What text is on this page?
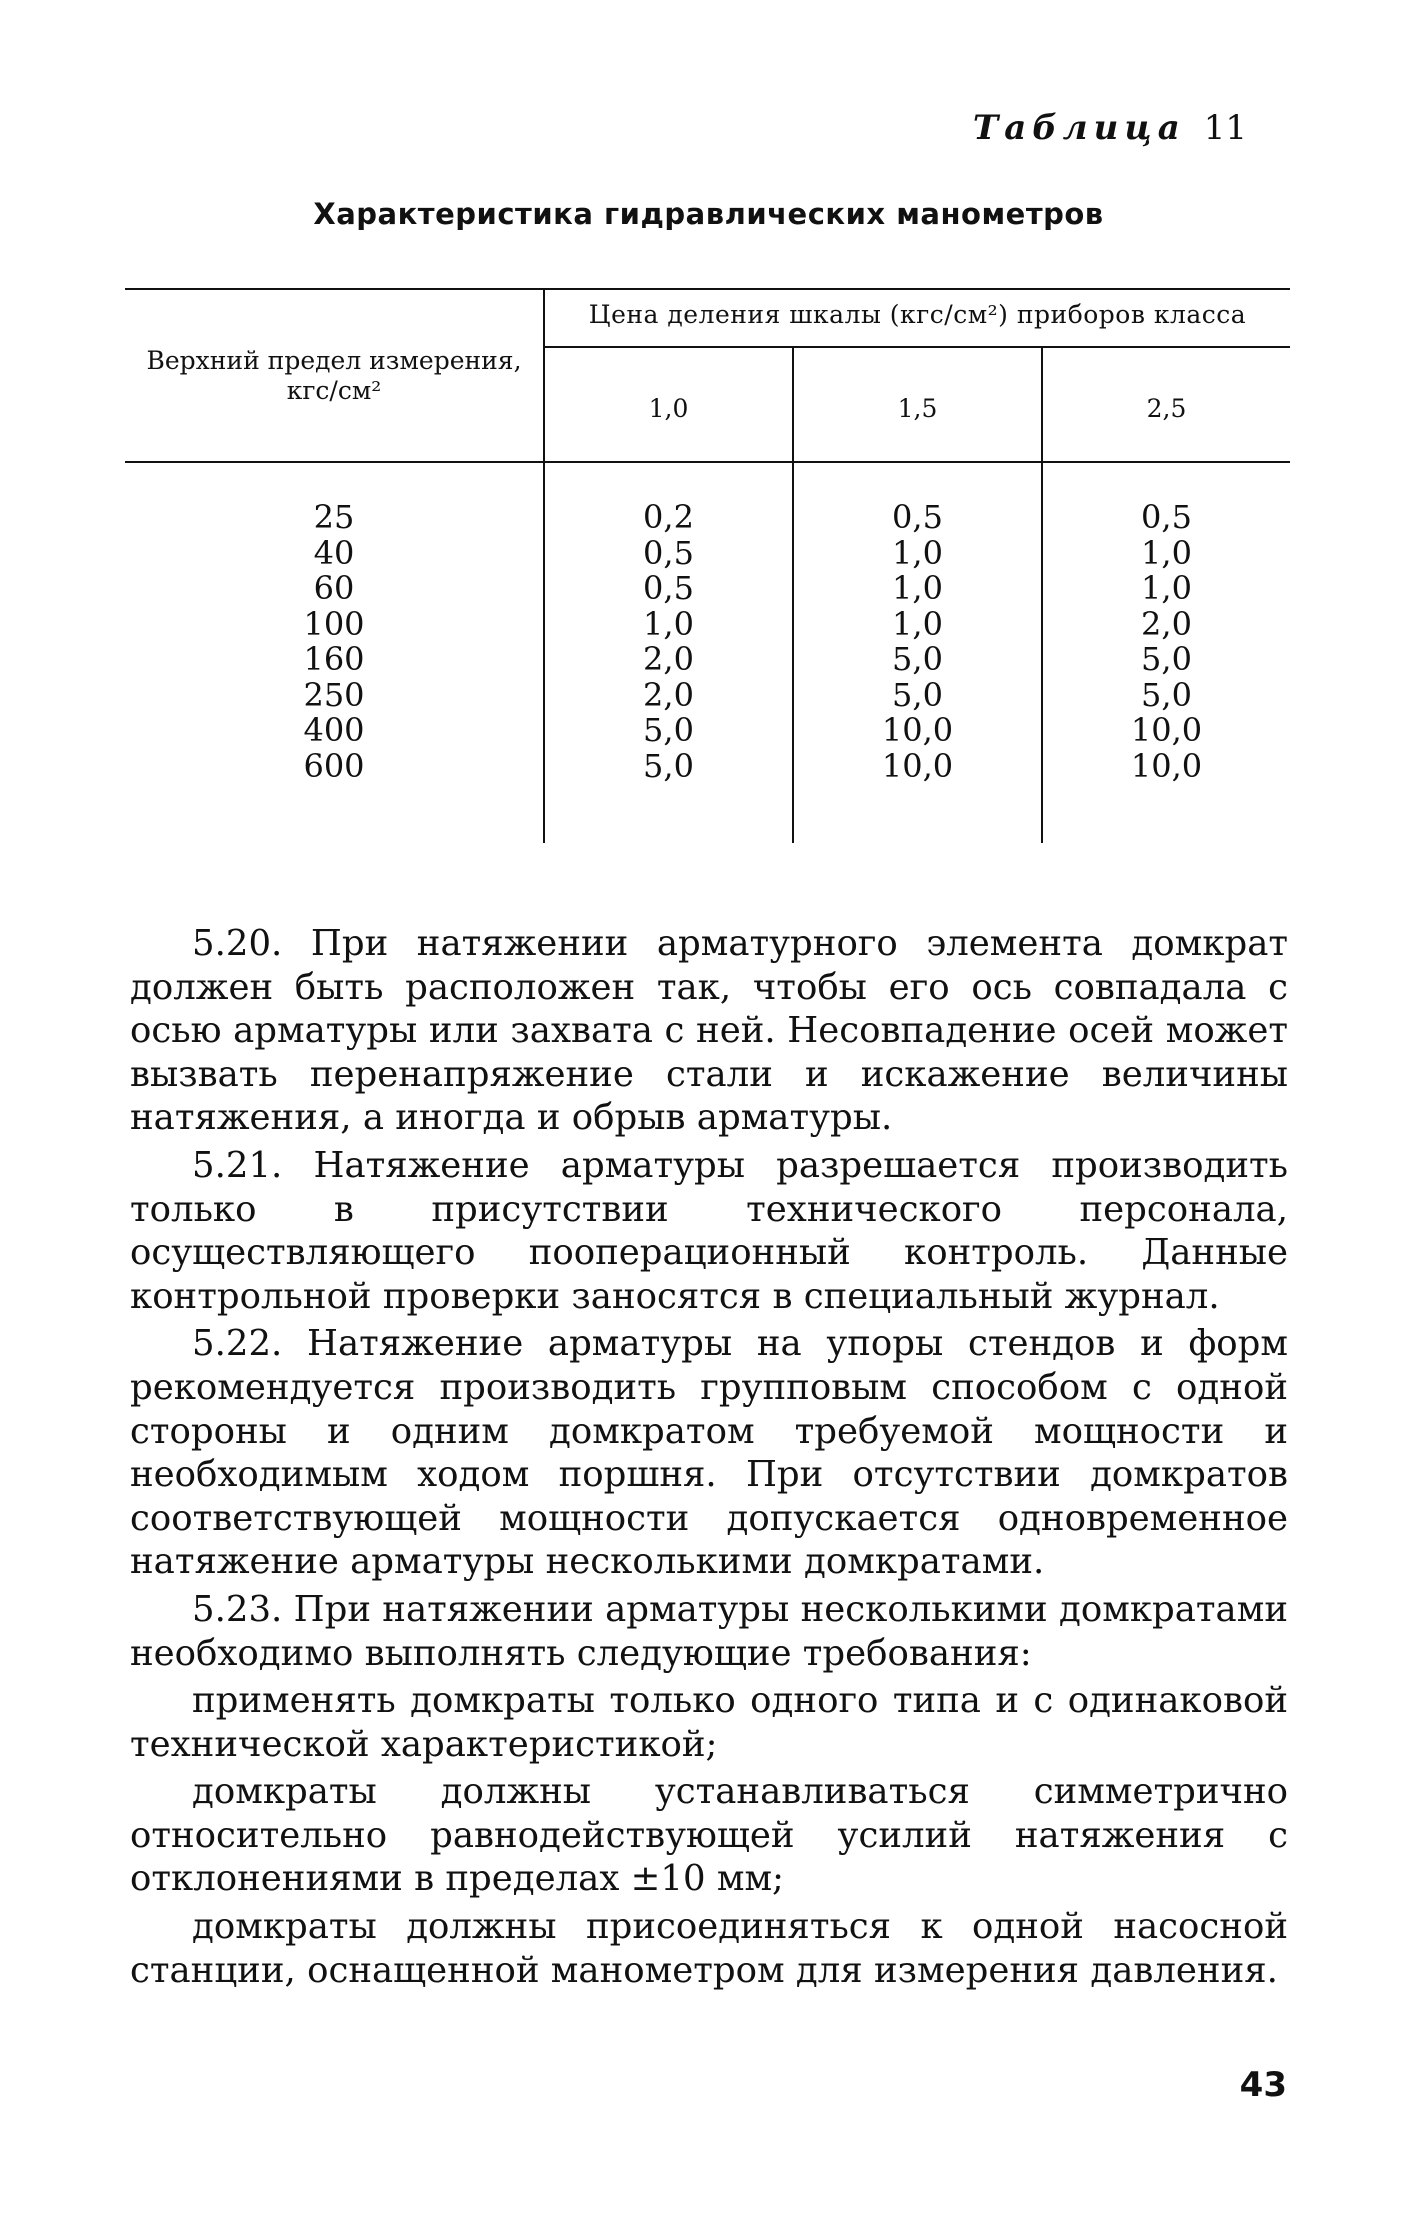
Таблица 11
Характеристика гидравлических манометров
Верхний предел измерения, кгс/см²
Цена деления шкалы (кгс/см²) приборов класса
1,0	1,5	2,5
25
40
60
100
160
250
400
600
0,2
0,5
0,5
1,0
2,0
2,0
5,0
5,0
0,5
1,0
1,0
1,0
5,0
5,0
10,0
10,0
0,5
1,0
1,0
2,0
5,0
5,0
10,0
10,0

5.20. При натяжении арматурного элемента домкрат должен быть расположен так, чтобы его ось совпадала с осью арматуры или захвата с ней. Несовпадение осей может вызвать перенапряжение стали и искажение величины натяжения, а иногда и обрыв арматуры.

5.21. Натяжение арматуры разрешается производить только в присутствии технического персонала, осуществляющего пооперационный контроль. Данные контрольной проверки заносятся в специальный журнал.

5.22. Натяжение арматуры на упоры стендов и форм рекомендуется производить групповым способом с одной стороны и одним домкратом требуемой мощности и необходимым ходом поршня. При отсутствии домкратов соответствующей мощности допускается одновременное натяжение арматуры несколькими домкратами.

5.23. При натяжении арматуры несколькими домкратами необходимо выполнять следующие требования:

применять домкраты только одного типа и с одинаковой технической характеристикой;

домкраты должны устанавливаться симметрично относительно равнодействующей усилий натяжения с отклонениями в пределах ±10 мм;

домкраты должны присоединяться к одной насосной станции, оснащенной манометром для измерения давления.

43
